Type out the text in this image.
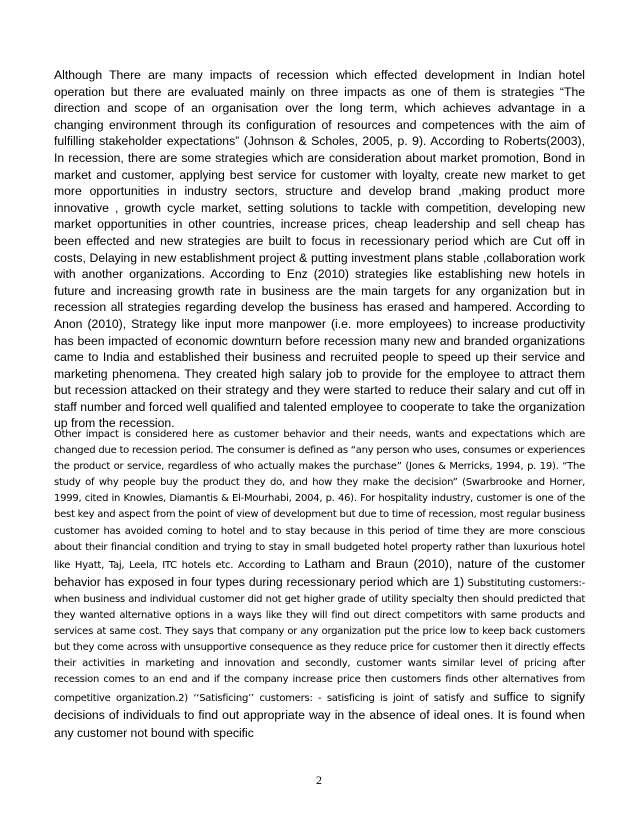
Although There are many impacts of recession which effected development in Indian hotel operation but there are evaluated mainly on three impacts as one of them is strategies “The direction and scope of an organisation over the long term, which achieves advantage in a changing environment through its configuration of resources and competences with the aim of fulfilling stakeholder expectations” (Johnson & Scholes, 2005, p. 9). According to Roberts(2003), In recession, there are some strategies which are consideration about market promotion, Bond in market and customer, applying best service for customer with loyalty, create new market to get more opportunities in industry sectors, structure and develop brand ,making product more innovative , growth cycle market, setting solutions to tackle with competition, developing new market opportunities in other countries, increase prices, cheap leadership and sell cheap has been effected and new strategies are built to focus in recessionary period which are Cut off in costs, Delaying in new establishment project & putting investment plans stable ,collaboration work with another organizations. According to Enz (2010) strategies like establishing new hotels in future and increasing growth rate in business are the main targets for any organization but in recession all strategies regarding develop the business has erased and hampered. According to Anon (2010), Strategy like input more manpower (i.e. more employees) to increase productivity has been impacted of economic downturn before recession many new and branded organizations came to India and established their business and recruited people to speed up their service and marketing phenomena. They created high salary job to provide for the employee to attract them but recession attacked on their strategy and they were started to reduce their salary and cut off in staff number and forced well qualified and talented employee to cooperate to take the organization up from the recession.

Other impact is considered here as customer behavior and their needs, wants and expectations which are changed due to recession period. The consumer is defined as “any person who uses, consumes or experiences the product or service, regardless of who actually makes the purchase” (Jones & Merricks, 1994, p. 19). “The study of why people buy the product they do, and how they make the decision” (Swarbrooke and Horner, 1999, cited in Knowles, Diamantis & El-Mourhabi, 2004, p. 46). For hospitality industry, customer is one of the best key and aspect from the point of view of development but due to time of recession, most regular business customer has avoided coming to hotel and to stay because in this period of time they are more conscious about their financial condition and trying to stay in small budgeted hotel property rather than luxurious hotel like Hyatt, Taj, Leela, ITC hotels etc. According to Latham and Braun (2010), nature of the customer behavior has exposed in four types during recessionary period which are 1) Substituting customers:- when business and individual customer did not get higher grade of utility specialty then should predicted that they wanted alternative options in a ways like they will find out direct competitors with same products and services at same cost. They says that company or any organization put the price low to keep back customers but they come across with unsupportive consequence as they reduce price for customer then it directly effects their activities in marketing and innovation and secondly, customer wants similar level of pricing after recession comes to an end and if the company increase price then customers finds other alternatives from competitive organization.2) ‘‘Satisficing’’ customers: - satisficing is joint of satisfy and suffice to signify decisions of individuals to find out appropriate way in the absence of ideal ones. It is found when any customer not bound with specific

2
